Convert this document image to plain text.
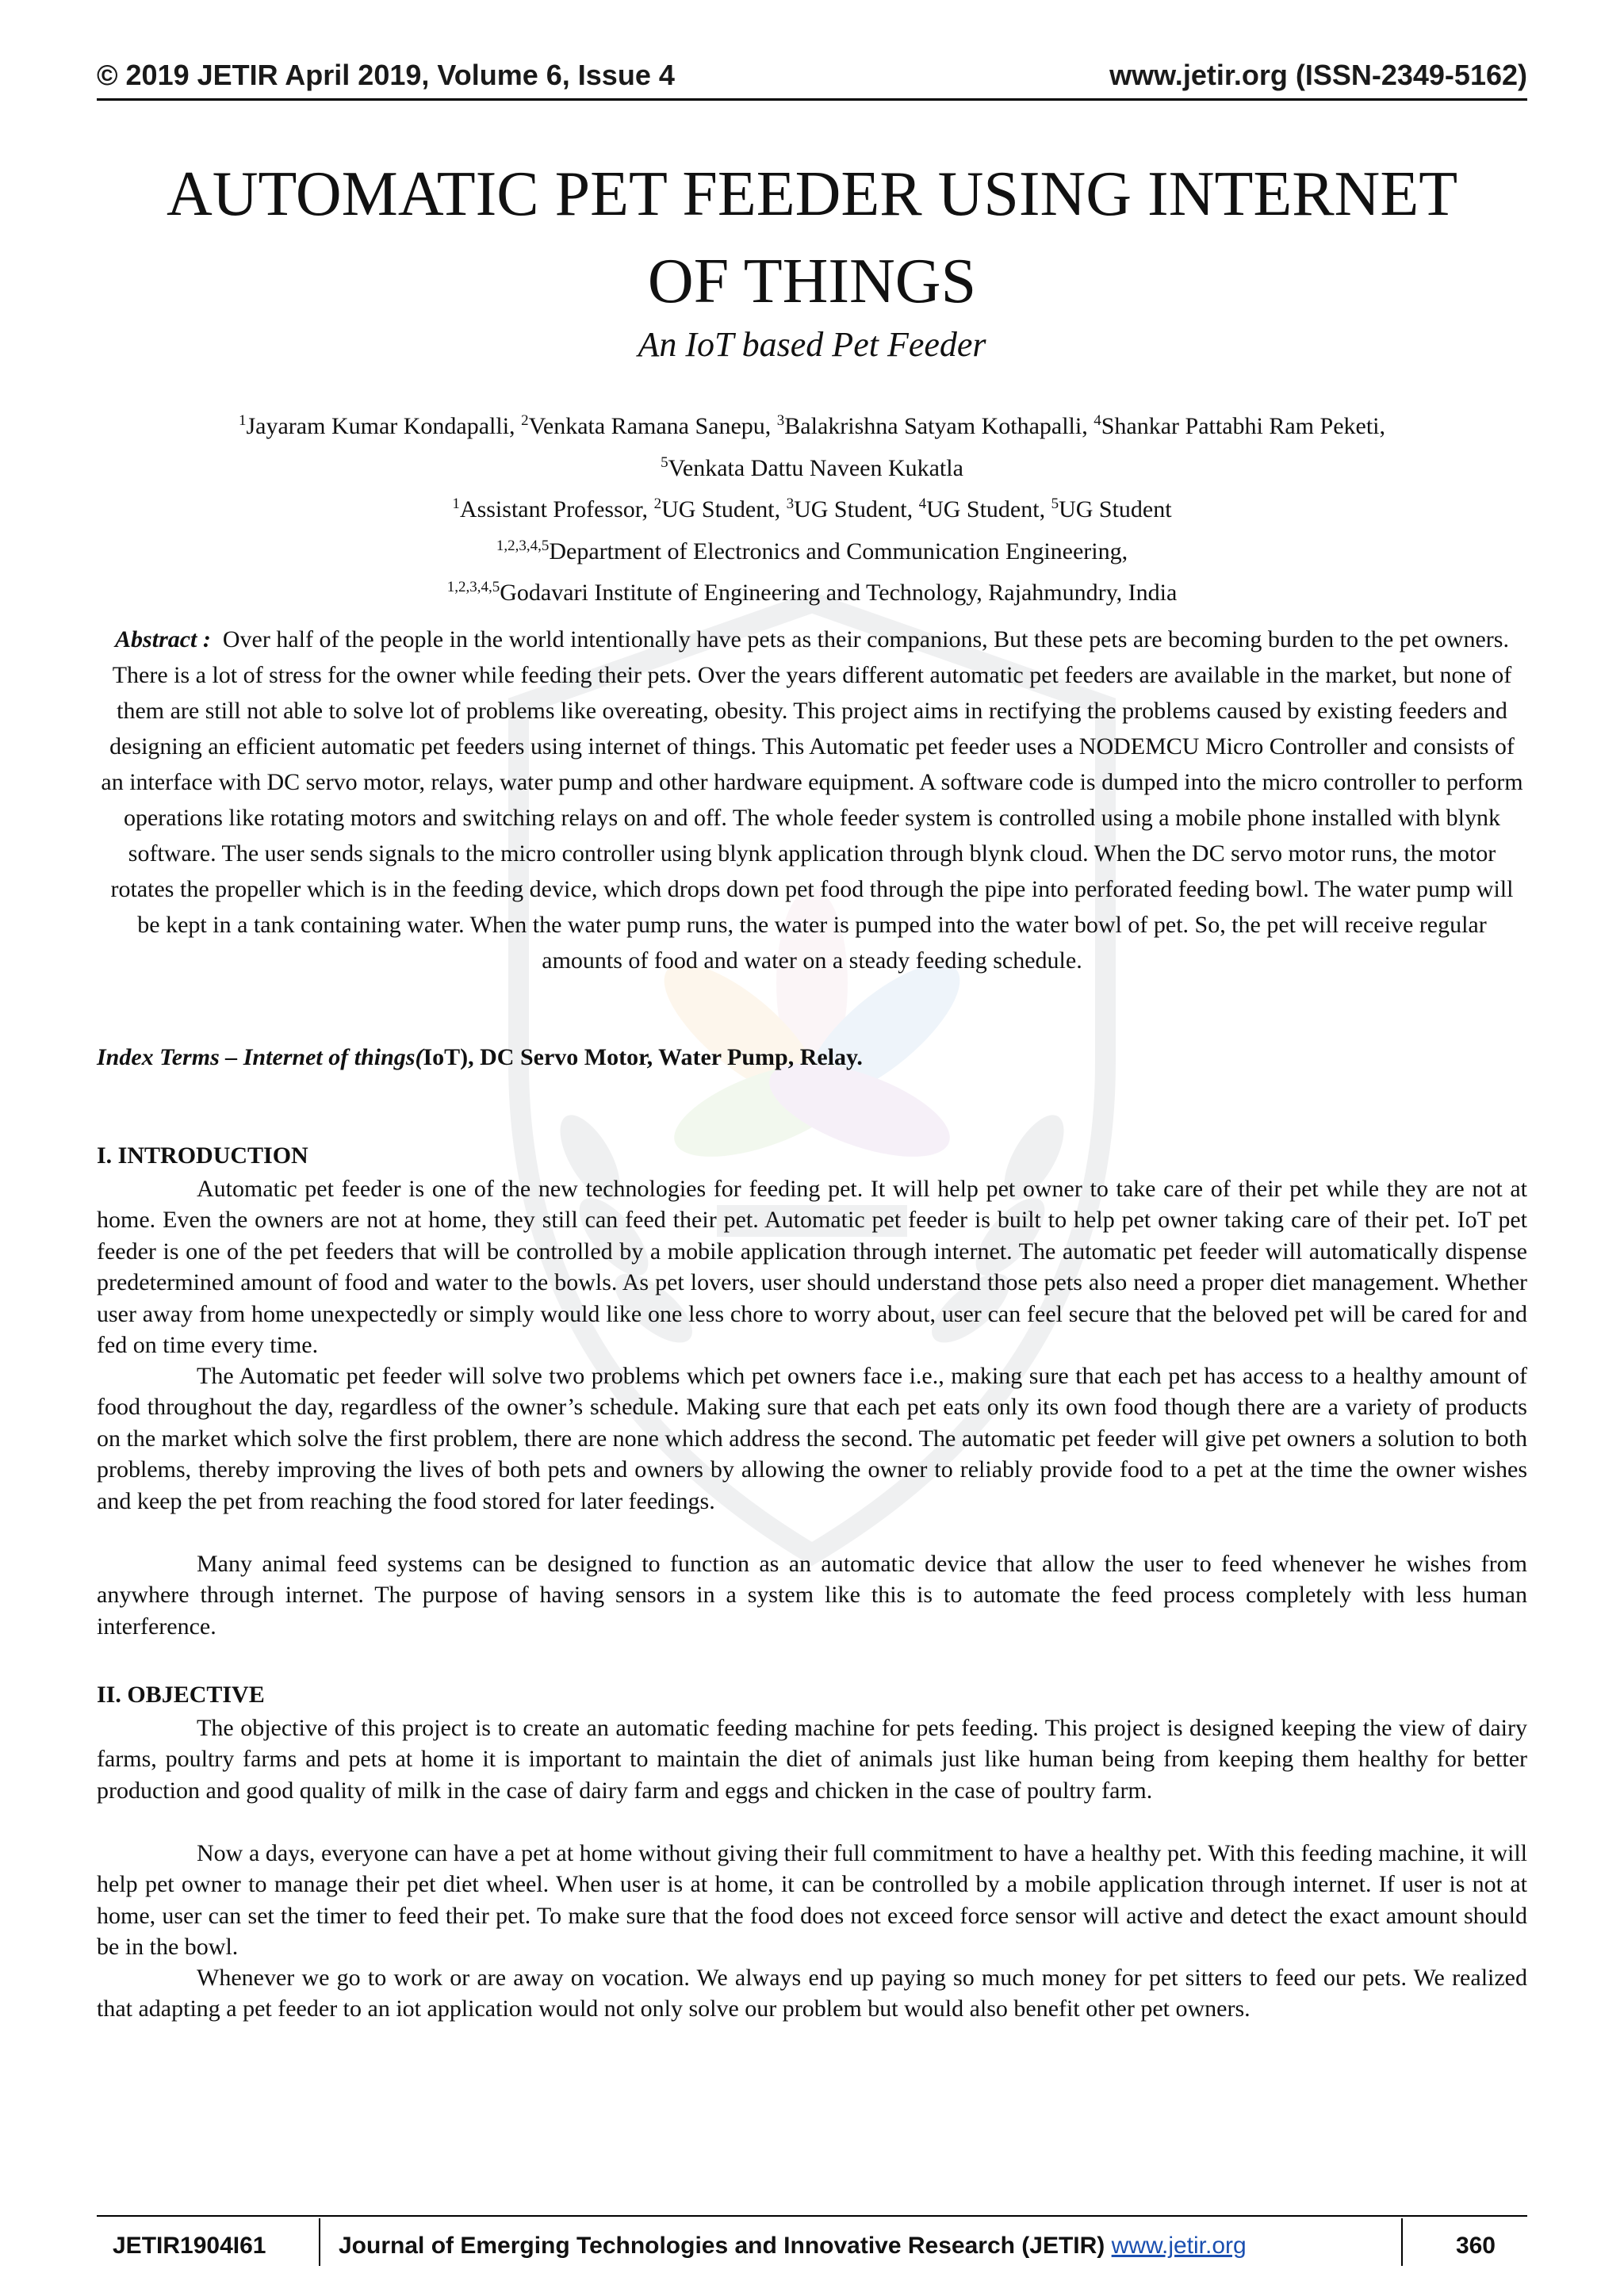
© 2019 JETIR April 2019, Volume 6, Issue 4	www.jetir.org (ISSN-2349-5162)
AUTOMATIC PET FEEDER USING INTERNET
OF THINGS

An IoT based Pet Feeder

$^1$Jayaram Kumar Kondapalli, $^2$Venkata Ramana Sanepu, $^3$Balakrishna Satyam Kothapalli, $^4$Shankar Pattabhi Ram Peketi,
$^5$Venkata Dattu Naveen Kukatla
$^1$Assistant Professor, $^2$UG Student, $^3$UG Student, $^4$UG Student, $^5$UG Student
$^{1,2,3,4,5}$Department of Electronics and Communication Engineering,
$^{1,2,3,4,5}$Godavari Institute of Engineering and Technology, Rajahmundry, India

Abstract : Over half of the people in the world intentionally have pets as their companions, But these pets are becoming burden to the pet owners. There is a lot of stress for the owner while feeding their pets. Over the years different automatic pet feeders are available in the market, but none of them are still not able to solve lot of problems like overeating, obesity. This project aims in rectifying the problems caused by existing feeders and designing an efficient automatic pet feeders using internet of things. This Automatic pet feeder uses a NODEMCU Micro Controller and consists of an interface with DC servo motor, relays, water pump and other hardware equipment. A software code is dumped into the micro controller to perform operations like rotating motors and switching relays on and off. The whole feeder system is controlled using a mobile phone installed with blynk software. The user sends signals to the micro controller using blynk application through blynk cloud. When the DC servo motor runs, the motor rotates the propeller which is in the feeding device, which drops down pet food through the pipe into perforated feeding bowl. The water pump will be kept in a tank containing water. When the water pump runs, the water is pumped into the water bowl of pet. So, the pet will receive regular amounts of food and water on a steady feeding schedule.

Index Terms – Internet of things(IoT), DC Servo Motor, Water Pump, Relay.

I. INTRODUCTION

Automatic pet feeder is one of the new technologies for feeding pet. It will help pet owner to take care of their pet while they are not at home. Even the owners are not at home, they still can feed their pet. Automatic pet feeder is built to help pet owner taking care of their pet. IoT pet feeder is one of the pet feeders that will be controlled by a mobile application through internet. The automatic pet feeder will automatically dispense predetermined amount of food and water to the bowls. As pet lovers, user should understand those pets also need a proper diet management. Whether user away from home unexpectedly or simply would like one less chore to worry about, user can feel secure that the beloved pet will be cared for and fed on time every time.

The Automatic pet feeder will solve two problems which pet owners face i.e., making sure that each pet has access to a healthy amount of food throughout the day, regardless of the owner’s schedule. Making sure that each pet eats only its own food though there are a variety of products on the market which solve the first problem, there are none which address the second. The automatic pet feeder will give pet owners a solution to both problems, thereby improving the lives of both pets and owners by allowing the owner to reliably provide food to a pet at the time the owner wishes and keep the pet from reaching the food stored for later feedings.

Many animal feed systems can be designed to function as an automatic device that allow the user to feed whenever he wishes from anywhere through internet. The purpose of having sensors in a system like this is to automate the feed process completely with less human interference.

II. OBJECTIVE

The objective of this project is to create an automatic feeding machine for pets feeding. This project is designed keeping the view of dairy farms, poultry farms and pets at home it is important to maintain the diet of animals just like human being from keeping them healthy for better production and good quality of milk in the case of dairy farm and eggs and chicken in the case of poultry farm.

Now a days, everyone can have a pet at home without giving their full commitment to have a healthy pet. With this feeding machine, it will help pet owner to manage their pet diet wheel. When user is at home, it can be controlled by a mobile application through internet. If user is not at home, user can set the timer to feed their pet. To make sure that the food does not exceed force sensor will active and detect the exact amount should be in the bowl.

Whenever we go to work or are away on vocation. We always end up paying so much money for pet sitters to feed our pets. We realized that adapting a pet feeder to an iot application would not only solve our problem but would also benefit other pet owners.

JETIR1904I61	Journal of Emerging Technologies and Innovative Research (JETIR) www.jetir.org	360
